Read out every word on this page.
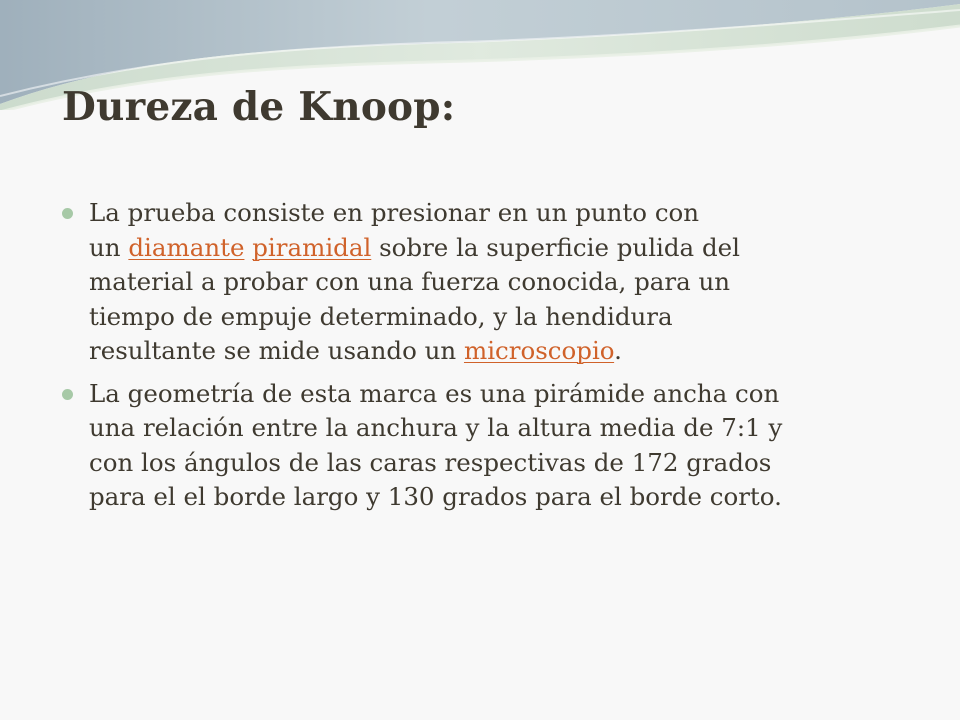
Dureza de Knoop:
La prueba consiste en presionar en un punto con
un diamante piramidal sobre la superficie pulida del
material a probar con una fuerza conocida, para un
tiempo de empuje determinado, y la hendidura
resultante se mide usando un microscopio.
La geometría de esta marca es una pirámide ancha con
una relación entre la anchura y la altura media de 7:1 y
con los ángulos de las caras respectivas de 172 grados
para el el borde largo y 130 grados para el borde corto.
